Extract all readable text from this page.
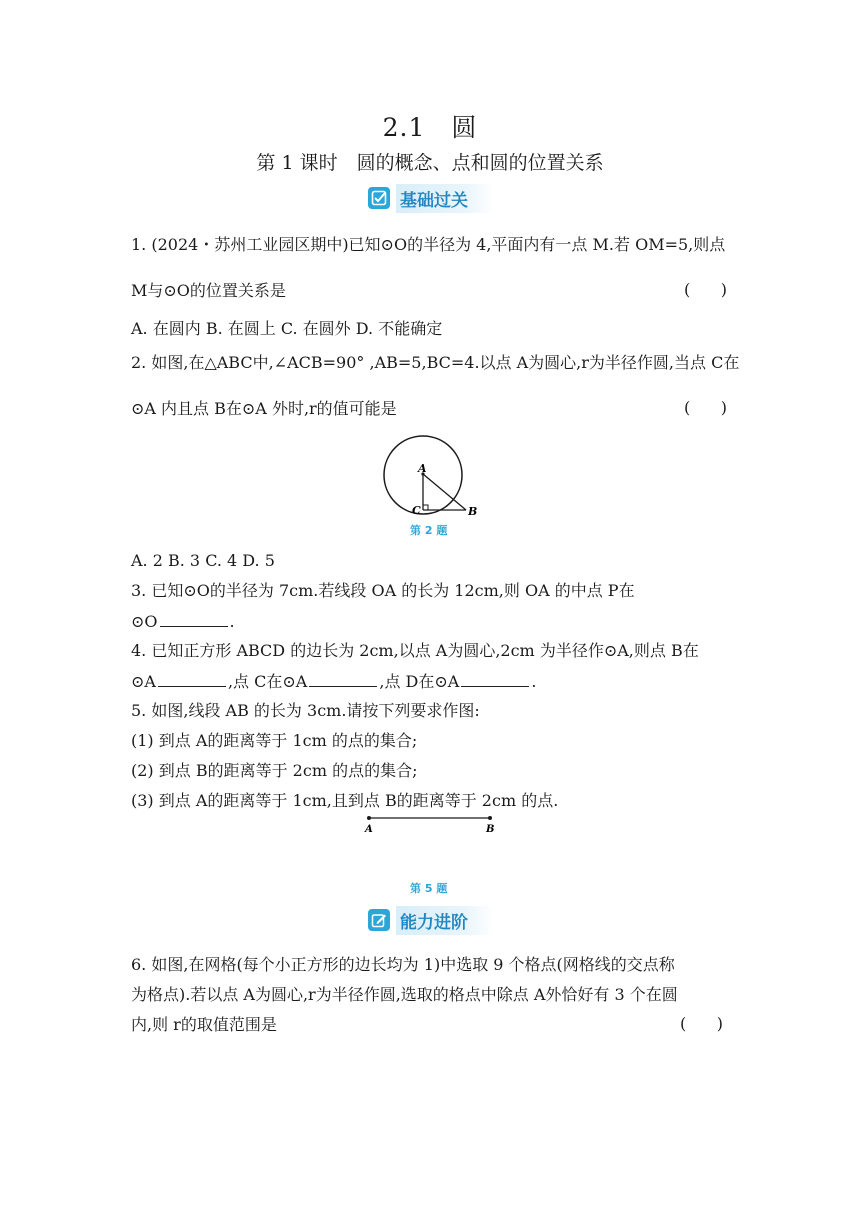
2.1　圆
第 1 课时　圆的概念、点和圆的位置关系
基础过关
1. (2024・苏州工业园区期中)已知⊙O的半径为 4,平面内有一点 M.若 OM=5,则点
M与⊙O的位置关系是	(      )
A. 在圆内 B. 在圆上 C. 在圆外 D. 不能确定
2. 如图,在△ABC中,∠ACB=90° ,AB=5,BC=4.以点 A为圆心,r为半径作圆,当点 C在
⊙A 内且点 B在⊙A 外时,r的值可能是	(      )
A
B
C
第 2 题
A. 2 B. 3 C. 4 D. 5
3. 已知⊙O的半径为 7cm.若线段 OA 的长为 12cm,则 OA 的中点 P在
⊙O	.
4. 已知正方形 ABCD 的边长为 2cm,以点 A为圆心,2cm 为半径作⊙A,则点 B在
⊙A	,点 C在⊙A	,点 D在⊙A	.
5. 如图,线段 AB 的长为 3cm.请按下列要求作图:
(1) 到点 A的距离等于 1cm 的点的集合;
(2) 到点 B的距离等于 2cm 的点的集合;
(3) 到点 A的距离等于 1cm,且到点 B的距离等于 2cm 的点.
A	B
第 5 题
能力进阶
6. 如图,在网格(每个小正方形的边长均为 1)中选取 9 个格点(网格线的交点称
为格点).若以点 A为圆心,r为半径作圆,选取的格点中除点 A外恰好有 3 个在圆
内,则 r的取值范围是	(      )
